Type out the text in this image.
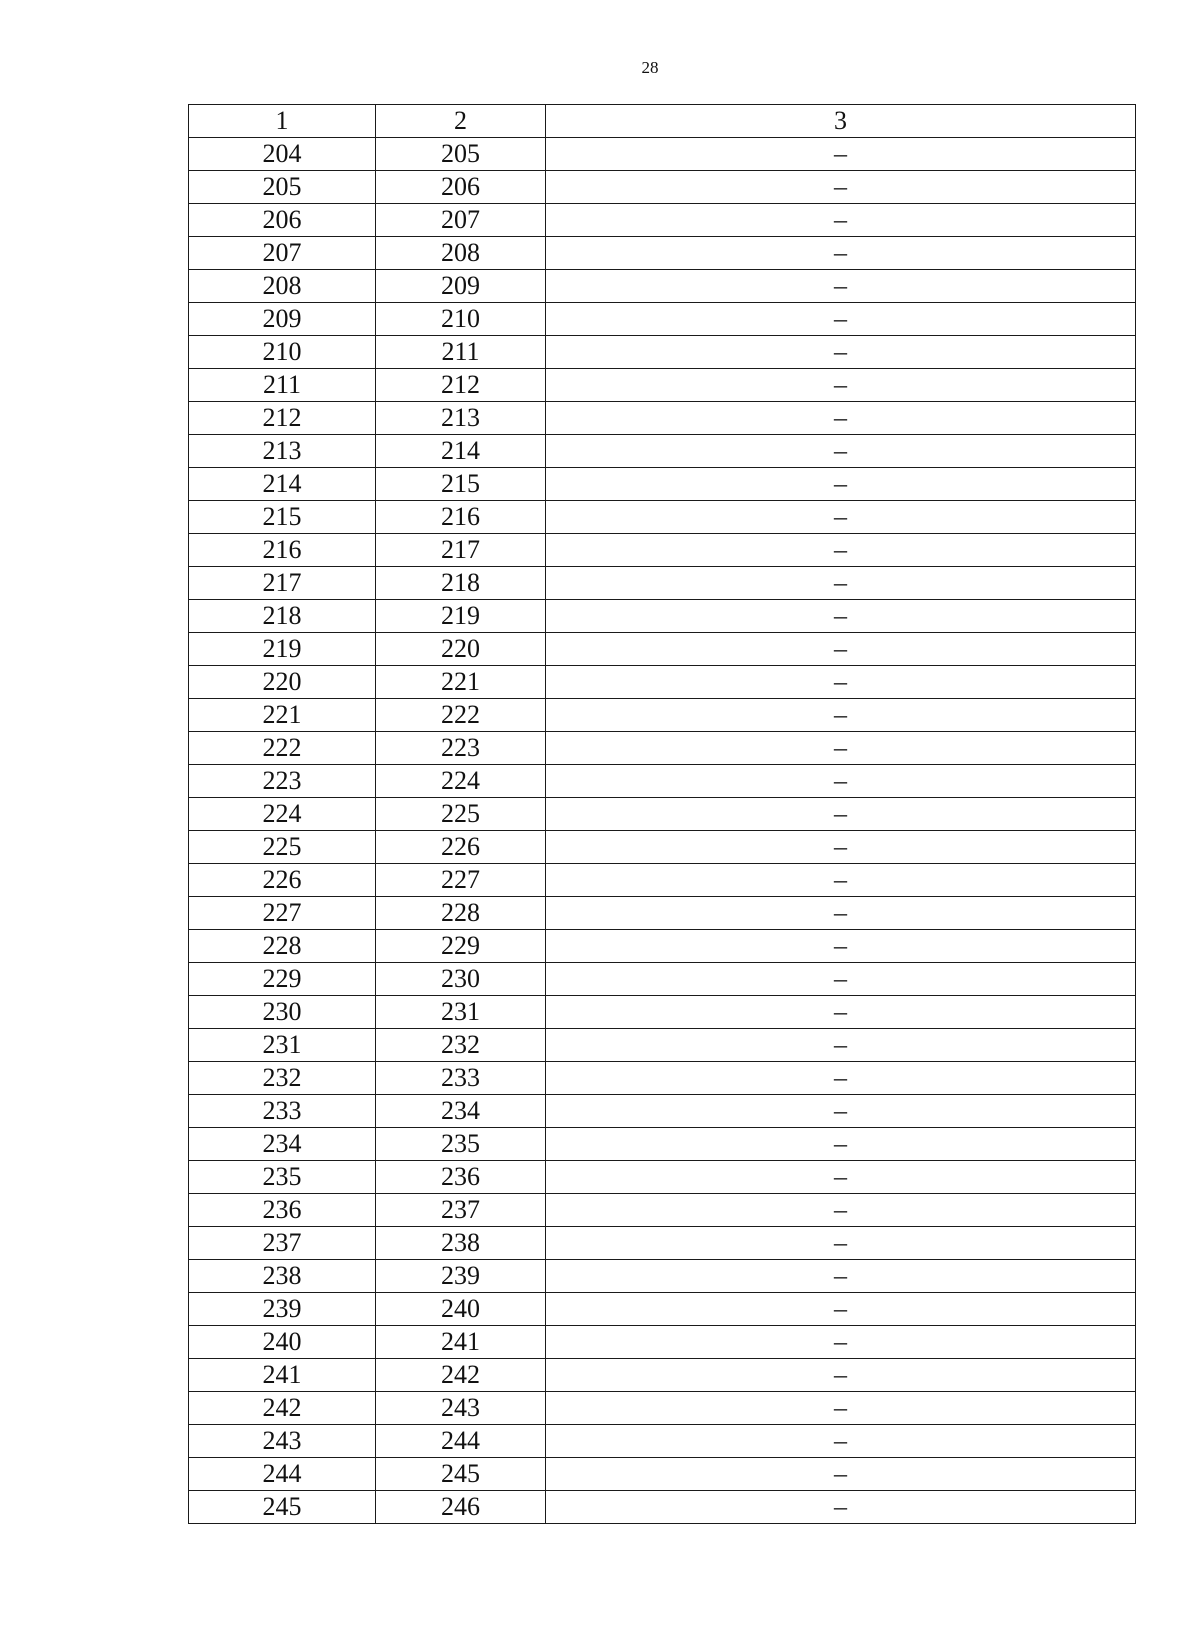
28
1	2	3
204	205	–
205	206	–
206	207	–
207	208	–
208	209	–
209	210	–
210	211	–
211	212	–
212	213	–
213	214	–
214	215	–
215	216	–
216	217	–
217	218	–
218	219	–
219	220	–
220	221	–
221	222	–
222	223	–
223	224	–
224	225	–
225	226	–
226	227	–
227	228	–
228	229	–
229	230	–
230	231	–
231	232	–
232	233	–
233	234	–
234	235	–
235	236	–
236	237	–
237	238	–
238	239	–
239	240	–
240	241	–
241	242	–
242	243	–
243	244	–
244	245	–
245	246	–
